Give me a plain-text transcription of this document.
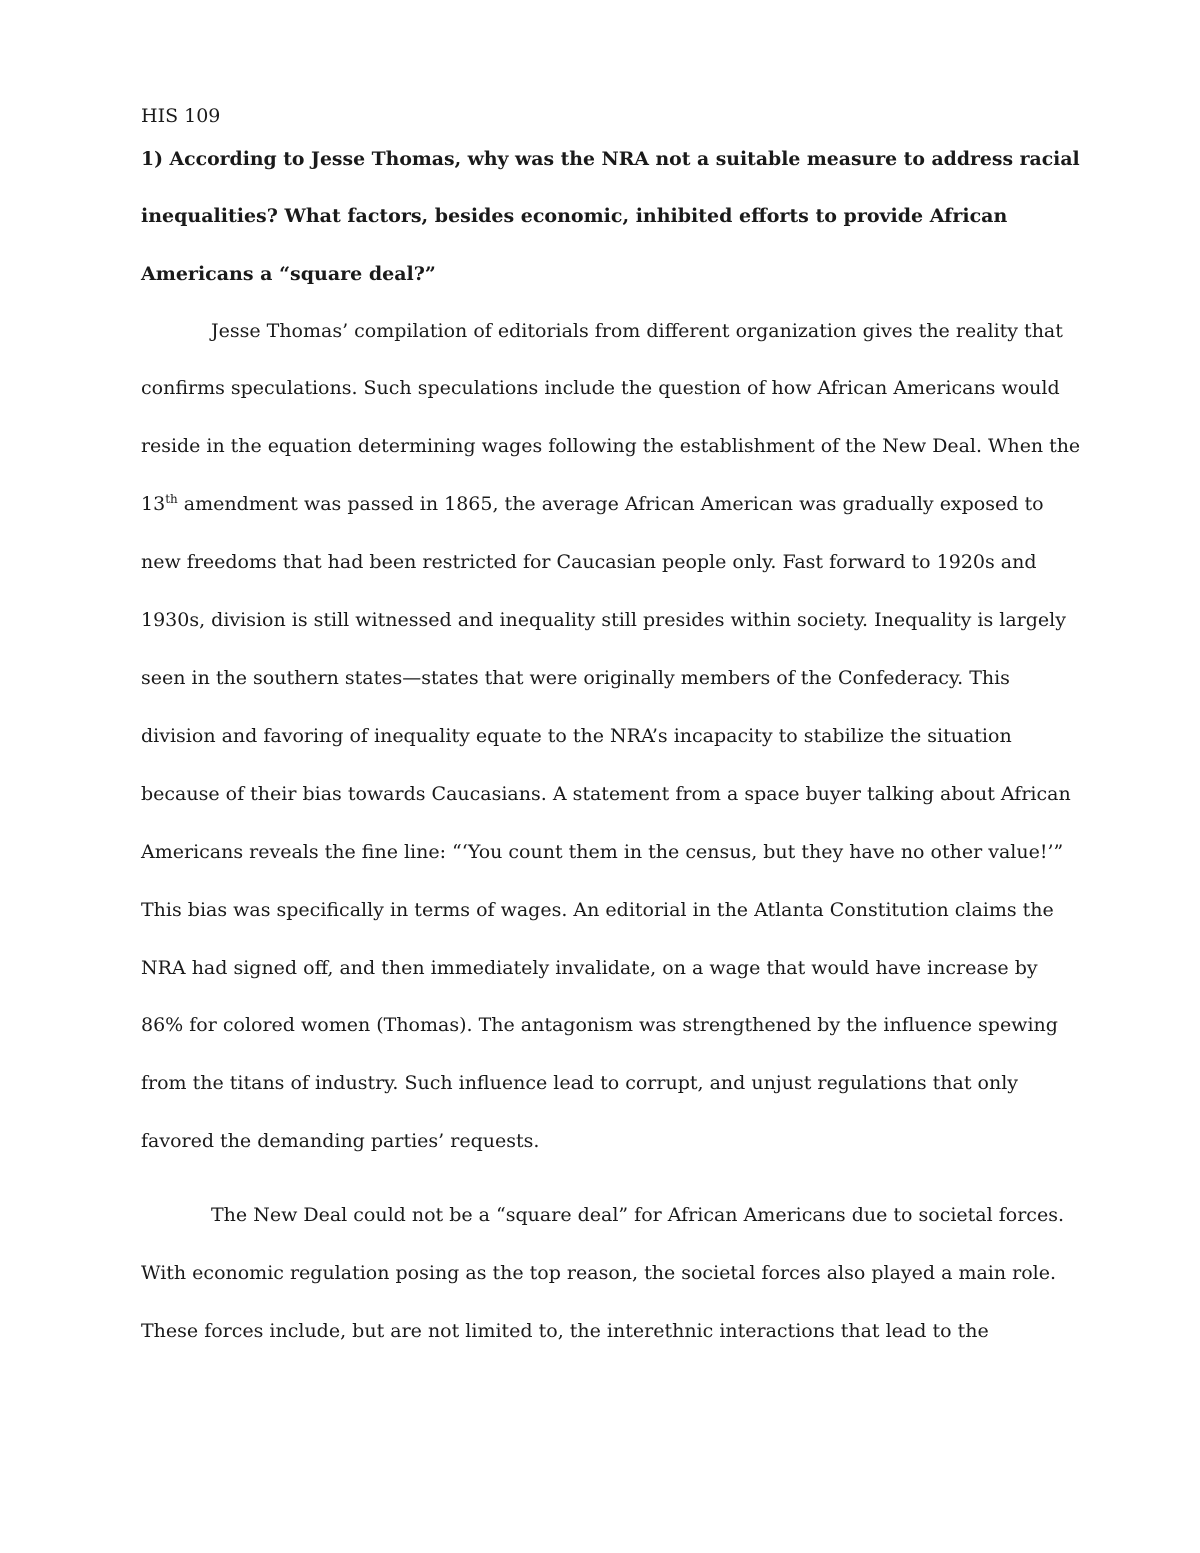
HIS 109
1) According to Jesse Thomas, why was the NRA not a suitable measure to address racial
inequalities? What factors, besides economic, inhibited efforts to provide African
Americans a “square deal?”
Jesse Thomas’ compilation of editorials from different organization gives the reality that
confirms speculations. Such speculations include the question of how African Americans would
reside in the equation determining wages following the establishment of the New Deal. When the
13th amendment was passed in 1865, the average African American was gradually exposed to
new freedoms that had been restricted for Caucasian people only. Fast forward to 1920s and
1930s, division is still witnessed and inequality still presides within society. Inequality is largely
seen in the southern states—states that were originally members of the Confederacy. This
division and favoring of inequality equate to the NRA’s incapacity to stabilize the situation
because of their bias towards Caucasians. A statement from a space buyer talking about African
Americans reveals the fine line: “‘You count them in the census, but they have no other value!’”
This bias was specifically in terms of wages. An editorial in the Atlanta Constitution claims the
NRA had signed off, and then immediately invalidate, on a wage that would have increase by
86% for colored women (Thomas). The antagonism was strengthened by the influence spewing
from the titans of industry. Such influence lead to corrupt, and unjust regulations that only
favored the demanding parties’ requests.
The New Deal could not be a “square deal” for African Americans due to societal forces.
With economic regulation posing as the top reason, the societal forces also played a main role.
These forces include, but are not limited to, the interethnic interactions that lead to the
